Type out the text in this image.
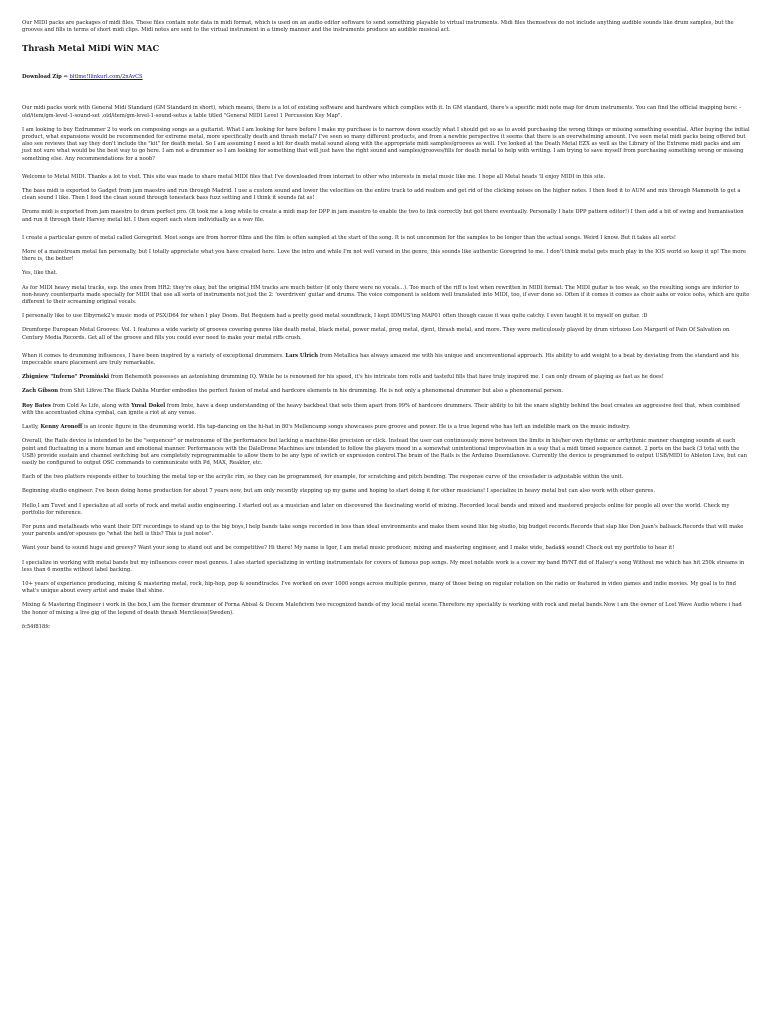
Our MIDI packs are packages of midi files. These files contain note data in midi format, which is used on an audio editor software to send something playable to virtual instruments. Midi files themselves do not include anything audible sounds like drum samples, but the grooves and fills in terms of short midi clips. Midi notes are sent to the virtual instrument in a timely manner and the instruments produce an audible musical act.

Thrash Metal MiDi WiN MAC
Download Zip ⇔ bltlme!Ilinkurl.com/2nAvCS

Our midi packs work with General Midi Standard (GM Standard in short), which means, there is a lot of existing software and hardware which complies with it. In GM standard, there's a specific midi note map for drum instruments. You can find the official mapping here: -old/item/gm-level-1-sound-set .old/item/gm-level-1-sound-setus a table titled "General MIDI Level 1 Percussion Key Map".

I am looking to buy Ezdrummer 2 to work on composing songs as a guitarist. What I am looking for here before I make my purchase is to narrow down exactly what I should get so as to avoid purchasing the wrong things or missing something essential. After buying the initial product, what expansions would be recommended for extreme metal, more specifically death and thrash metal? I've seen so many different products, and from a newbie perspective it seems that there is an overwhelming amount. I've seen metal midi packs being offered but also see reviews that say they don't include the "kit" for death metal. So I am assuming I need a kit for death metal sound along with the appropriate midi samples/grooves as well. I've looked at the Death Metal EZX as well as the Library of the Extreme midi packs and am just not sure what would be the best way to go here. I am not a drummer so I am looking for something that will just have the right sound and samples/grooves/fills for death metal to help with writing. I am trying to save myself from purchasing something wrong or missing something else. Any recommendations for a noob?

Welcome to Metal MIDI. Thanks a lot to visit. This site was made to share metal MIDI files that I've downloaded from internet to other who interests in metal music like me. I hope all Metal heads 'll enjoy MIDI in this site.

The bass midi is exported to Gadget from jam maestro and run through Madrid. I use a custom sound and lower the velocities on the entire track to add realism and get rid of the clicking noises on the higher notes. I then feed it to AUM and mix through Mammoth to get a clean sound I like. Then I feed the clean sound through tonestack bass fuzz setting and I think it sounds fat as!

Drums midi is exported from jam maestro to drum perfect pro. (It took me a long while to create a midi map for DPP in jam maestro to enable the two to link correctly but got there eventually. Personally I hate DPP pattern editor!) I then add a bit of swing and humanisation and run it through their Harvey metal kit. I then export each stem individually as a wav file.

I create a particular genre of metal called Goregrind. Most songs are from horror films and the film is often sampled at the start of the song. It is not uncommon for the samples to be longer than the actual songs. Weird I know. But it takes all sorts!

More of a mainstream metal fan personally, but I totally appreciate what you have created here. Love the intro and while I'm not well versed in the genre, this sounds like authentic Goregrind to me. I don't think metal gets much play in the IOS world so keep it up! The more there is, the better!

Yes, like that.

As for MIDI heavy metal tracks, esp. the ones from HR2: they're okay, but the original HM tracks are much better (if only there were no vocals...). Too much of the riff is lost when rewritten in MIDI format. The MIDI guitar is too weak, so the resulting songs are inferior to non-heavy counterparts made specially for MIDI that use all sorts of instruments not just the 2: 'overdriven' guitar and drums. The voice component is seldom well translated into MIDI, too, if ever done so. Often if it comes it comes as choir aahs or voice oohs, which are quite different to their screaming original vocals.

I personally like to use Elbyrnek2's music mods of PSX/D64 for when I play Doom. But Requiem had a pretty good metal soundtrack, I kept IDMUS'ing MAP01 often though cause it was quite catchy. I even taught it to myself on guitar. :D

Drumforge European Metal Grooves: Vol. 1 features a wide variety of grooves covering genres like death metal, black metal, power metal, prog metal, djent, thrash metal, and more. They were meticulously played by drum virtuoso Leo Margarit of Pain Of Salvation on Century Media Records. Get all of the groove and fills you could ever need to make your metal riffs crush.

When it comes to drumming influences, I have been inspired by a variety of exceptional drummers. Lars Ulrich from Metallica has always amazed me with his unique and unconventional approach. His ability to add weight to a beat by deviating from the standard and his impeccable snare placement are truly remarkable.

Zbigniew "Inferno" Promiński from Behemoth possesses an astonishing drumming IQ. While he is renowned for his speed, it's his intricate tom rolls and tasteful fills that have truly inspired me. I can only dream of playing as fast as he does!

Zach Gibson from Shit Lifeve:The Black Dahlia Murder embodies the perfect fusion of metal and hardcore elements in his drumming. He is not only a phenomenal drummer but also a phenomenal person.

Roy Bates from Cold As Life, along with Yuval Dokel from Imte, have a deep understanding of the heavy backbeat that sets them apart from 99% of hardcore drummers. Their ability to hit the snare slightly behind the beat creates an aggressive feel that, when combined with the accentuated china cymbal, can ignite a riot at any venue.

Lastly, Kenny Aronoff is an iconic figure in the drumming world. His tap-dancing on the hi-hat in 80's Mellencamp songs showcases pure groove and power. He is a true legend who has left an indelible mark on the music industry.

Overall, the Rails device is intended to be the "sequencer" or metronome of the performance but lacking a machine-like precision or click. Instead the user can continuously move between the limits in his/her own rhythmic or arrhythmic manner changing sounds at each point and fluctuating in a more human and emotional manner. Performances with the DaleDrone Machines are intended to follow the players mood in a somewhat unintentional improvisation in a way that a midi timed sequence cannot. 2 ports on the back (3 total with the USB) provide sustain and channel switching but are completely reprogrammable to allow them to be any type of switch or expression control.The brain of the Rails is the Arduino Duemilanove. Currently the device is programmed to output USB/MIDI to Ableton Live, but can easily be configured to output OSC commands to communicate with Pd, MAX, Reaktor, etc.

Each of the two platters responds either to touching the metal top or the acrylic rim, so they can be programmed, for example, for scratching and pitch bending. The response curve of the crossfader is adjustable within the unit.

Beginning studio engineer: I've been doing home production for about 7 years now, but am only recently stepping up my game and hoping to start doing it for other musicians! I specialize in heavy metal but can also work with other genres.

Hello,I am Tuvet and I specialize at all sorts of rock and metal audio engineering. I started out as a musician and later on discovered the fascinating world of mixing. Recorded local bands and mixed and mastered projects online for people all over the world. Check my portfolio for reference.

For punx and metalheads who want their DIY recordings to stand up to the big boys,I help bands take songs recorded in less than ideal environments and make them sound like big studio, big budget records.Records that slap like Don Juan's ballsack.Records that will make your parents and/or spouses go "what the hell is this? This is just noise".

Want your band to sound huge and greevy? Want your song to stand out and be competitive? Hi there! My name is Igor, I am metal music producer, mixing and mastering engineer, and I make wide, bada$$ sound! Check out my portfolio to hear it!

I specialize in working with metal bands but my influences cover most genres. I also started specializing in writing instrumentals for covers of famous pop songs. My most notable work is a cover my band RVNT did of Halsey's song Without me which has hit 250k streams in less than 6 months without label backing.

10+ years of experience producing, mixing & mastering metal, rock, hip-hop, pop & soundtracks. I've worked on over 1000 songs across multiple genres, many of those being on regular rotation on the radio or featured in video games and indie movies. My goal is to find what's unique about every artist and make that shine.

Mixing & Mastering Engineer i work in the box,I am the former drummer of Forna Abisal & Decem Maleficivm two recognized bands of my local metal scene.Therefore my speciality is working with rock and metal bands.Now i am the owner of Lost Wave Audio where i had the honor of mixing a live gig of the legend of death thrash Mercilesss(Sweden).

fc54f818fc
